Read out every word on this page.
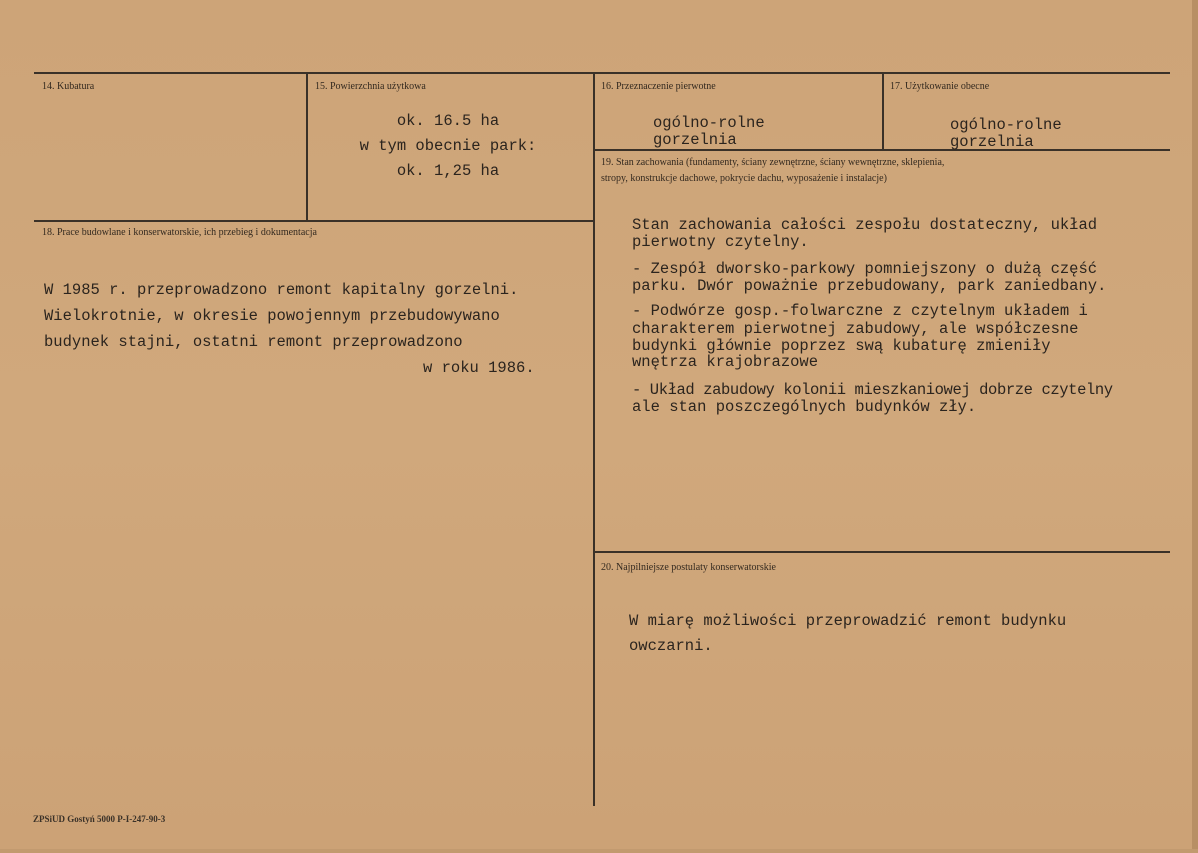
14. Kubatura	15. Powierzchnia użytkowa
ok. 16.5 ha
w tym obecnie park:
ok. 1,25 ha
16. Przeznaczenie pierwotne
ogólno-rolne
gorzelnia
17. Użytkowanie obecne
ogólno-rolne
gorzelnia
18. Prace budowlane i konserwatorskie, ich przebieg i dokumentacja
W 1985 r. przeprowadzono remont kapitalny gorzelni.
Wielokrotnie, w okresie powojennym przebudowywano
budynek stajni, ostatni remont przeprowadzono
w roku 1986.
19. Stan zachowania (fundamenty, ściany zewnętrzne, ściany wewnętrzne, sklepienia,
stropy, konstrukcje dachowe, pokrycie dachu, wyposażenie i instalacje)
Stan zachowania całości zespołu dostateczny, układ
pierwotny czytelny.
- Zespół dworsko-parkowy pomniejszony o dużą część
parku. Dwór poważnie przebudowany, park zaniedbany.
- Podwórze gosp.-folwarczne z czytelnym układem i
charakterem pierwotnej zabudowy, ale współczesne
budynki głównie poprzez swą kubaturę zmieniły
wnętrza krajobrazowe
- Układ zabudowy kolonii mieszkaniowej dobrze czytelny
ale stan poszczególnych budynków zły.
20. Najpilniejsze postulaty konserwatorskie
W miarę możliwości przeprowadzić remont budynku
owczarni.
ZPSiUD Gostyń 5000 P-I-247-90-3
